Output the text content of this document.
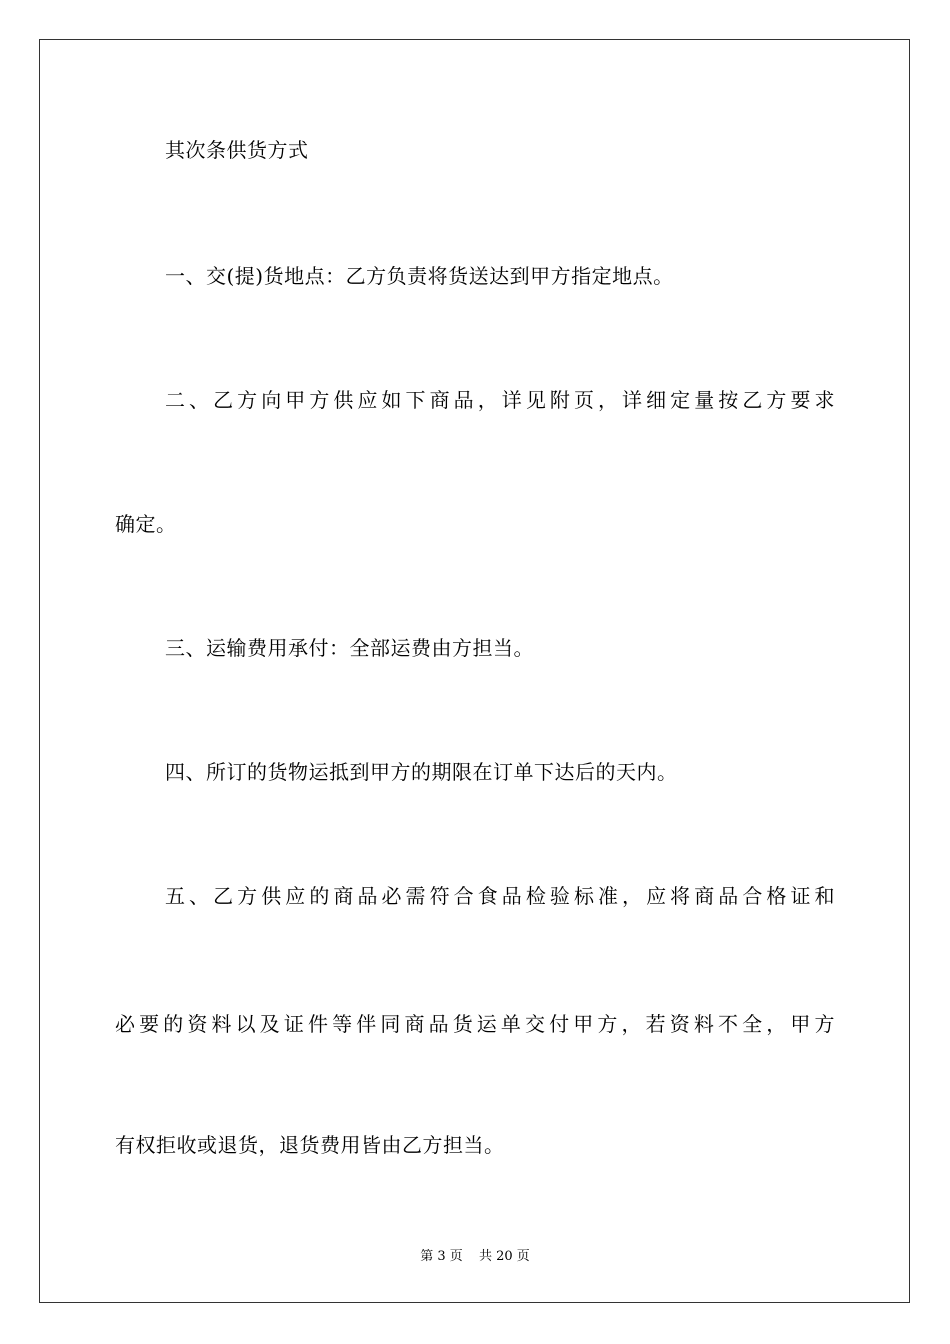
其次条供货方式
一、交(提)货地点：乙方负责将货送达到甲方指定地点。
二、乙方向甲方供应如下商品，详见附页，详细定量按乙方要求
确定。
三、运输费用承付：全部运费由方担当。
四、所订的货物运抵到甲方的期限在订单下达后的天内。
五、乙方供应的商品必需符合食品检验标准，应将商品合格证和
必要的资料以及证件等伴同商品货运单交付甲方，若资料不全，甲方
有权拒收或退货，退货费用皆由乙方担当。
第 3 页 共 20 页
